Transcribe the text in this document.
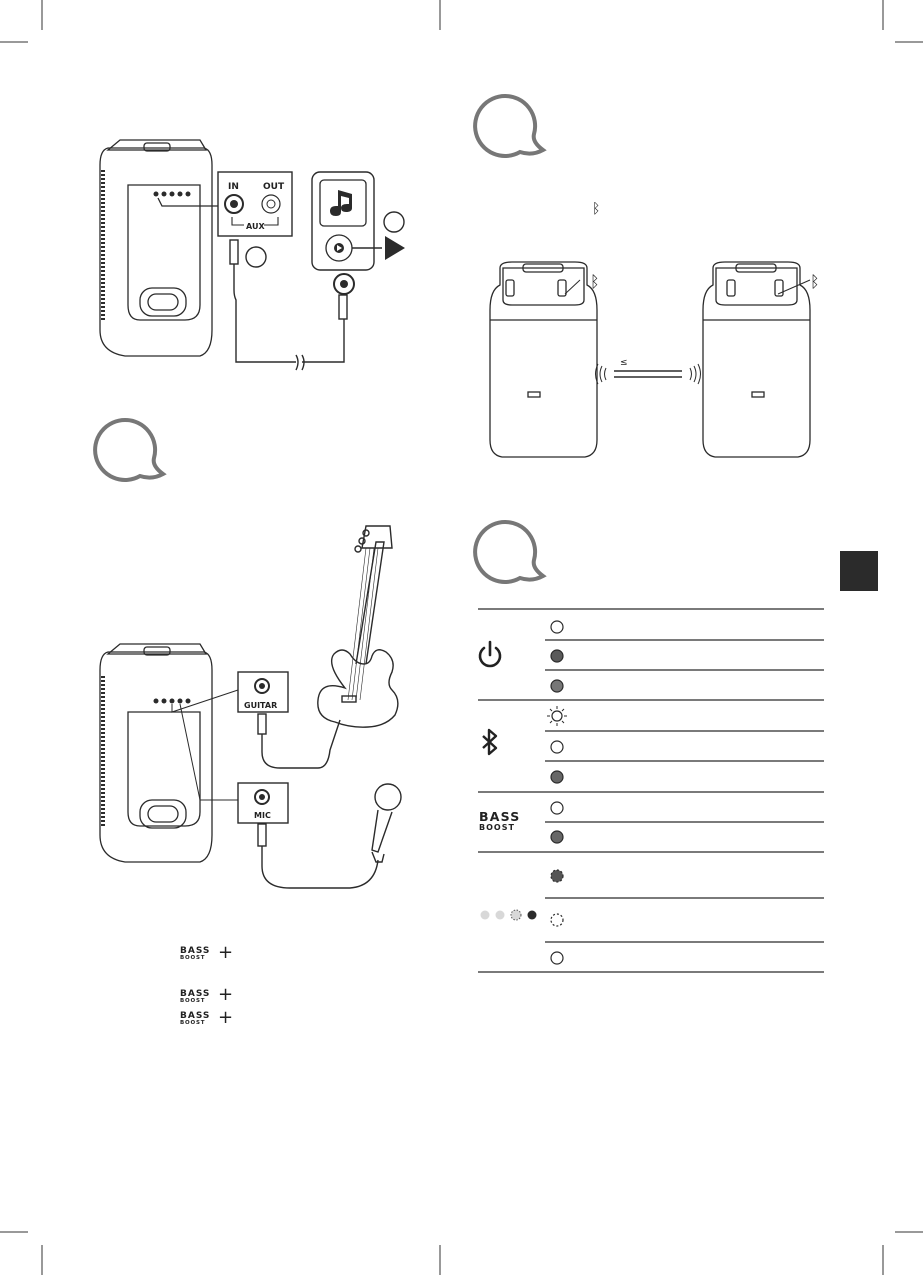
IN	OUT
AUX
ᛒ
ᛒ	ᛒ
≤
GUITAR
MIC
BASS
BOOST +
BASS
BOOST +
BASS
BOOST +
BASS
BOOST
